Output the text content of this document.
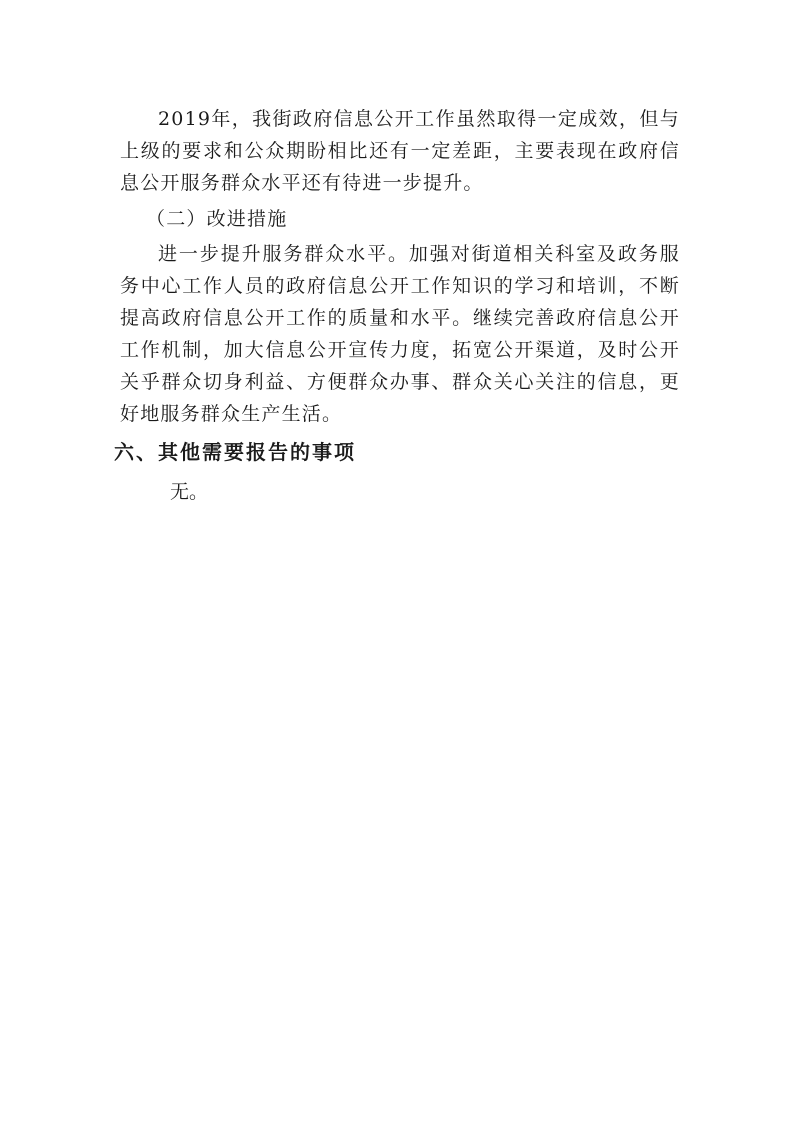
2019年，我街政府信息公开工作虽然取得一定成效，但与上级的要求和公众期盼相比还有一定差距，主要表现在政府信息公开服务群众水平还有待进一步提升。

（二）改进措施

进一步提升服务群众水平。加强对街道相关科室及政务服务中心工作人员的政府信息公开工作知识的学习和培训，不断提高政府信息公开工作的质量和水平。继续完善政府信息公开工作机制，加大信息公开宣传力度，拓宽公开渠道，及时公开关乎群众切身利益、方便群众办事、群众关心关注的信息，更好地服务群众生产生活。

六、其他需要报告的事项

无。
